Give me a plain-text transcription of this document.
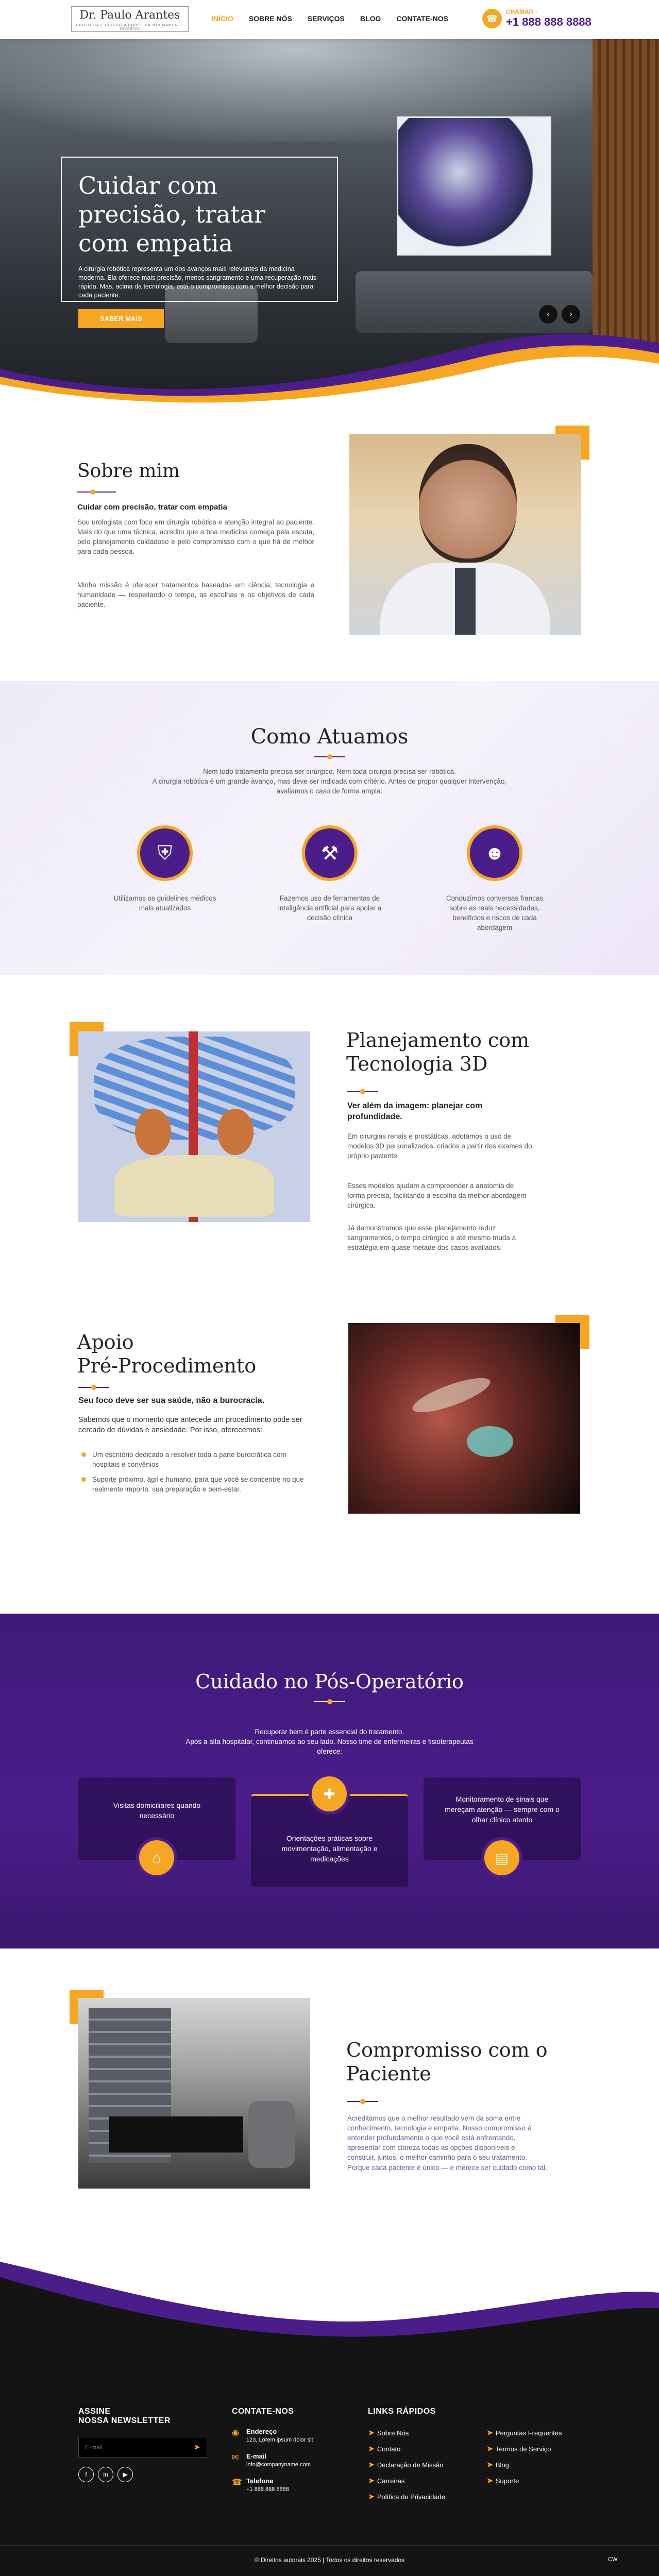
Dr. Paulo Arantes
UROLOGIA E CIRURGIA ROBÓTICA MINIMAMENTE INVASIVA
INÍCIO SOBRE NÓS SERVIÇOS BLOG CONTATE-NOS	☎
CHAMAR :
+1 888 888 8888
Cuidar com precisão, tratar com empatia

A cirurgia robótica representa um dos avanços mais relevantes da medicina moderna. Ela oferece mais precisão, menos sangramento e uma recuperação mais rápida. Mas, acima da tecnologia, está o compromisso com a melhor decisão para cada paciente.

SABER MAIS
‹	›
Sobre mim
Cuidar com precisão, tratar com empatia

Sou urologista com foco em cirurgia robótica e atenção integral ao paciente. Mais do que uma técnica, acredito que a boa medicina começa pela escuta, pelo planejamento cuidadoso e pelo compromisso com o que há de melhor para cada pessoa.

Minha missão é oferecer tratamentos baseados em ciência, tecnologia e humanidade — respeitando o tempo, as escolhas e os objetivos de cada paciente.

Como Atuamos

Nem todo tratamento precisa ser cirúrgico. Nem toda cirurgia precisa ser robótica.

A cirurgia robótica é um grande avanço, mas deve ser indicada com critério. Antes de propor qualquer intervenção,

avaliamos o caso de forma ampla:

⛨

Utilizamos os guidelines médicos mais atualizados

⚒

Fazemos uso de ferramentas de inteligência artificial para apoiar a decisão clínica

☻

Conduzimos conversas francas sobre as reais necessidades, benefícios e riscos de cada abordagem

Planejamento com Tecnologia 3D
Ver além da imagem: planejar com profundidade.

Em cirurgias renais e prostáticas, adotamos o uso de modelos 3D personalizados, criados a partir dos exames do próprio paciente.

Esses modelos ajudam a compreender a anatomia de forma precisa, facilitando a escolha da melhor abordagem cirúrgica.

Já demonstramos que esse planejamento reduz sangramentos, o tempo cirúrgico e até mesmo muda a estratégia em quase metade dos casos avaliados.

Apoio
Pré-Procedimento
Seu foco deve ser sua saúde, não a burocracia.

Sabemos que o momento que antecede um procedimento pode ser cercado de dúvidas e ansiedade. Por isso, oferecemos:

Um escritório dedicado a resolver toda a parte burocrática com hospitais e convênios
Suporte próximo, ágil e humano, para que você se concentre no que realmente importa: sua preparação e bem-estar.
Cuidado no Pós-Operatório

Recuperar bem é parte essencial do tratamento.

Após a alta hospitalar, continuamos ao seu lado. Nosso time de enfermeiras e fisioterapeutas

oferece:

Visitas domiciliares quando necessário

⌂

Orientações práticas sobre movimentação, alimentação e medicações

✚	Monitoramento de sinais que mereçam atenção — sempre com o olhar clínico atento

▤
Compromisso com o Paciente

Acreditamos que o melhor resultado vem da soma entre conhecimento, tecnologia e empatia. Nosso compromisso é entender profundamente o que você está enfrentando, apresentar com clareza todas as opções disponíveis e construir, juntos, o melhor caminho para o seu tratamento.

Porque cada paciente é único — e merece ser cuidado como tal.

ASSINE
NOSSA NEWSLETTER
E-mail
➤
f	in	▶
CONTATE-NOS
◉	Endereço
123, Lorem ipsum dolor sit
✉	E-mail
info@companyname.com
☎ Telefone
+1 888 888 8888
LINKS RÁPIDOS
➤ Sobre Nós
➤ Contato
➤ Declaração de Missão
➤ Carreiras
➤ Política de Privacidade
➤ Perguntas Frequentes
➤ Termos de Serviço
➤ Blog
➤ Suporte

© Direitos autorais 2025 | Todos os direitos reservados	CW
